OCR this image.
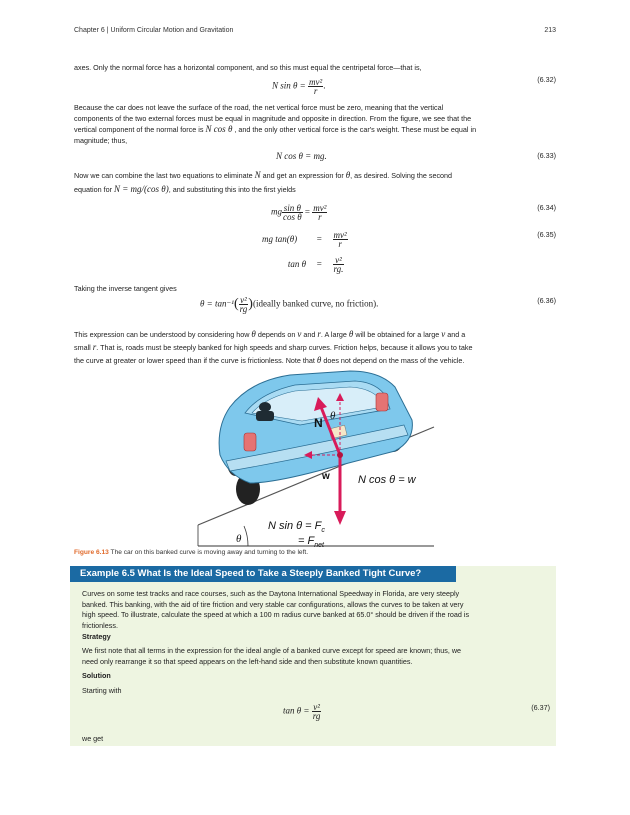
Chapter 6 | Uniform Circular Motion and Gravitation	213
axes. Only the normal force has a horizontal component, and so this must equal the centripetal force—that is,
N $\sin \theta = \frac{\text{mv²}}{r}$ .
(6.32)
Because the car does not leave the surface of the road, the net vertical force must be zero, meaning that the vertical
components of the two external forces must be equal in magnitude and opposite in direction. From the figure, we see that the
vertical component of the normal force is N cos θ , and the only other vertical force is the car's weight. These must be equal in
magnitude; thus,
N cos θ = mg.	(6.33)
Now we can combine the last two equations to eliminate N and get an expression for θ, as desired. Solving the second
equation for N = mg/(cos θ), and substituting this into the first yields
mg $\frac{\text{sin θ}}{\text{cos θ}} = \frac{\text{mv²}}{r}$	(6.34)
mg $\tan(\theta) = \frac{\text{mv²}}{r}$	(6.35)
$\tan \theta = \frac{\text{v²}}{rg.}$
Taking the inverse tangent gives
$\theta = \tan^{-1}( \frac{\text{v²}}{rg}$ )(ideally banked curve, no friction).	(6.36)
This expression can be understood by considering how θ depends on v and r. A large θ will be obtained for a large v and a
small r. That is, roads must be steeply banked for high speeds and sharp curves. Friction helps, because it allows you to take
the curve at greater or lower speed than if the curve is frictionless. Note that θ does not depend on the mass of the vehicle.
N θ
w	N cos θ = w
N $\sin \theta = F_c$
= $F_{net}$
θ
Figure 6.13 The car on this banked curve is moving away and turning to the left.
Example 6.5 What Is the Ideal Speed to Take a Steeply Banked Tight Curve?
Curves on some test tracks and race courses, such as the Daytona International Speedway in Florida, are very steeply
banked. This banking, with the aid of tire friction and very stable car configurations, allows the curves to be taken at very
high speed. To illustrate, calculate the speed at which a 100 m radius curve banked at 65.0° should be driven if the road is
frictionless.
Strategy
We first note that all terms in the expression for the ideal angle of a banked curve except for speed are known; thus, we
need only rearrange it so that speed appears on the left-hand side and then substitute known quantities.
Solution
Starting with
$\tan \theta = \frac{\text{v²}}{rg}$	(6.37)
we get
